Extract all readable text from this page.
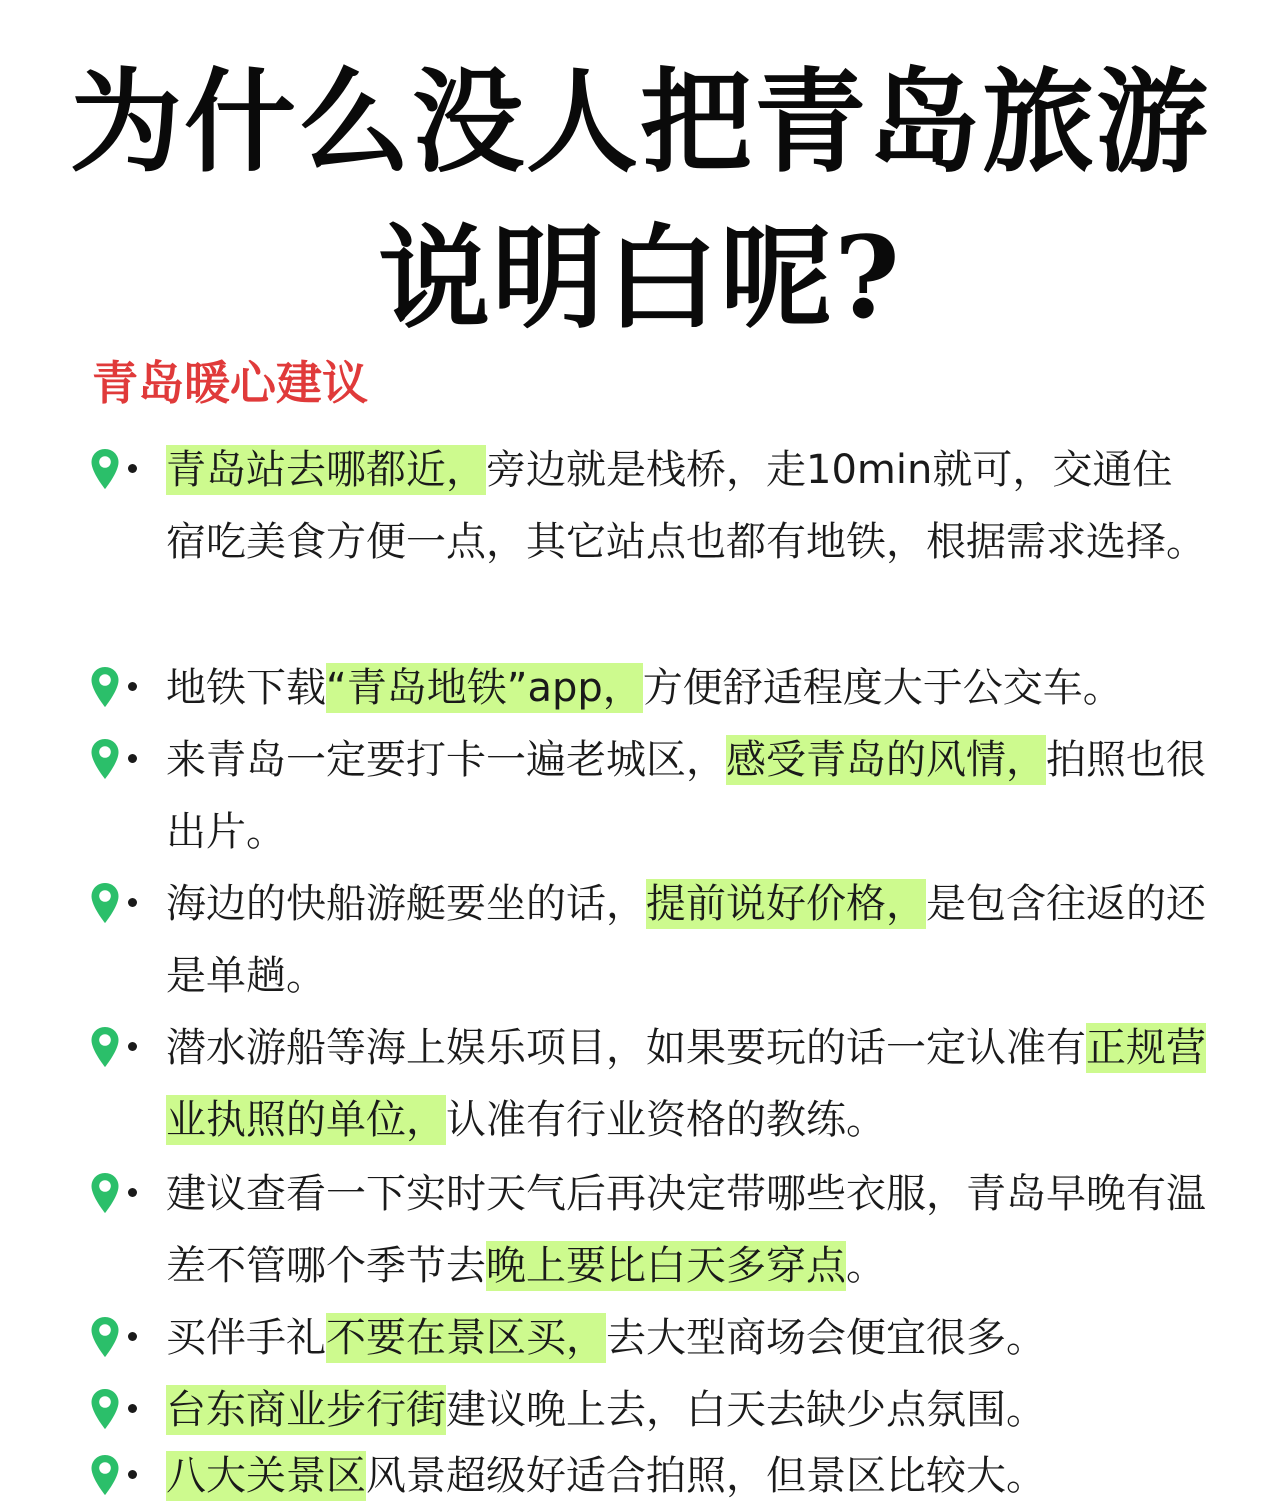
为什么没人把青岛旅游
说明白呢?
青岛暖心建议
青岛站去哪都近，旁边就是栈桥，走10min就可，交通住宿吃美食方便一点，其它站点也都有地铁，根据需求选择。
地铁下载“青岛地铁”app，方便舒适程度大于公交车。
来青岛一定要打卡一遍老城区，感受青岛的风情，拍照也很出片。
海边的快船游艇要坐的话，提前说好价格，是包含往返的还是单趟。
潜水游船等海上娱乐项目，如果要玩的话一定认准有正规营业执照的单位，认准有行业资格的教练。
建议查看一下实时天气后再决定带哪些衣服，青岛早晚有温差不管哪个季节去晚上要比白天多穿点。
买伴手礼不要在景区买，去大型商场会便宜很多。
台东商业步行街建议晚上去，白天去缺少点氛围。
八大关景区风景超级好适合拍照，但景区比较大。
